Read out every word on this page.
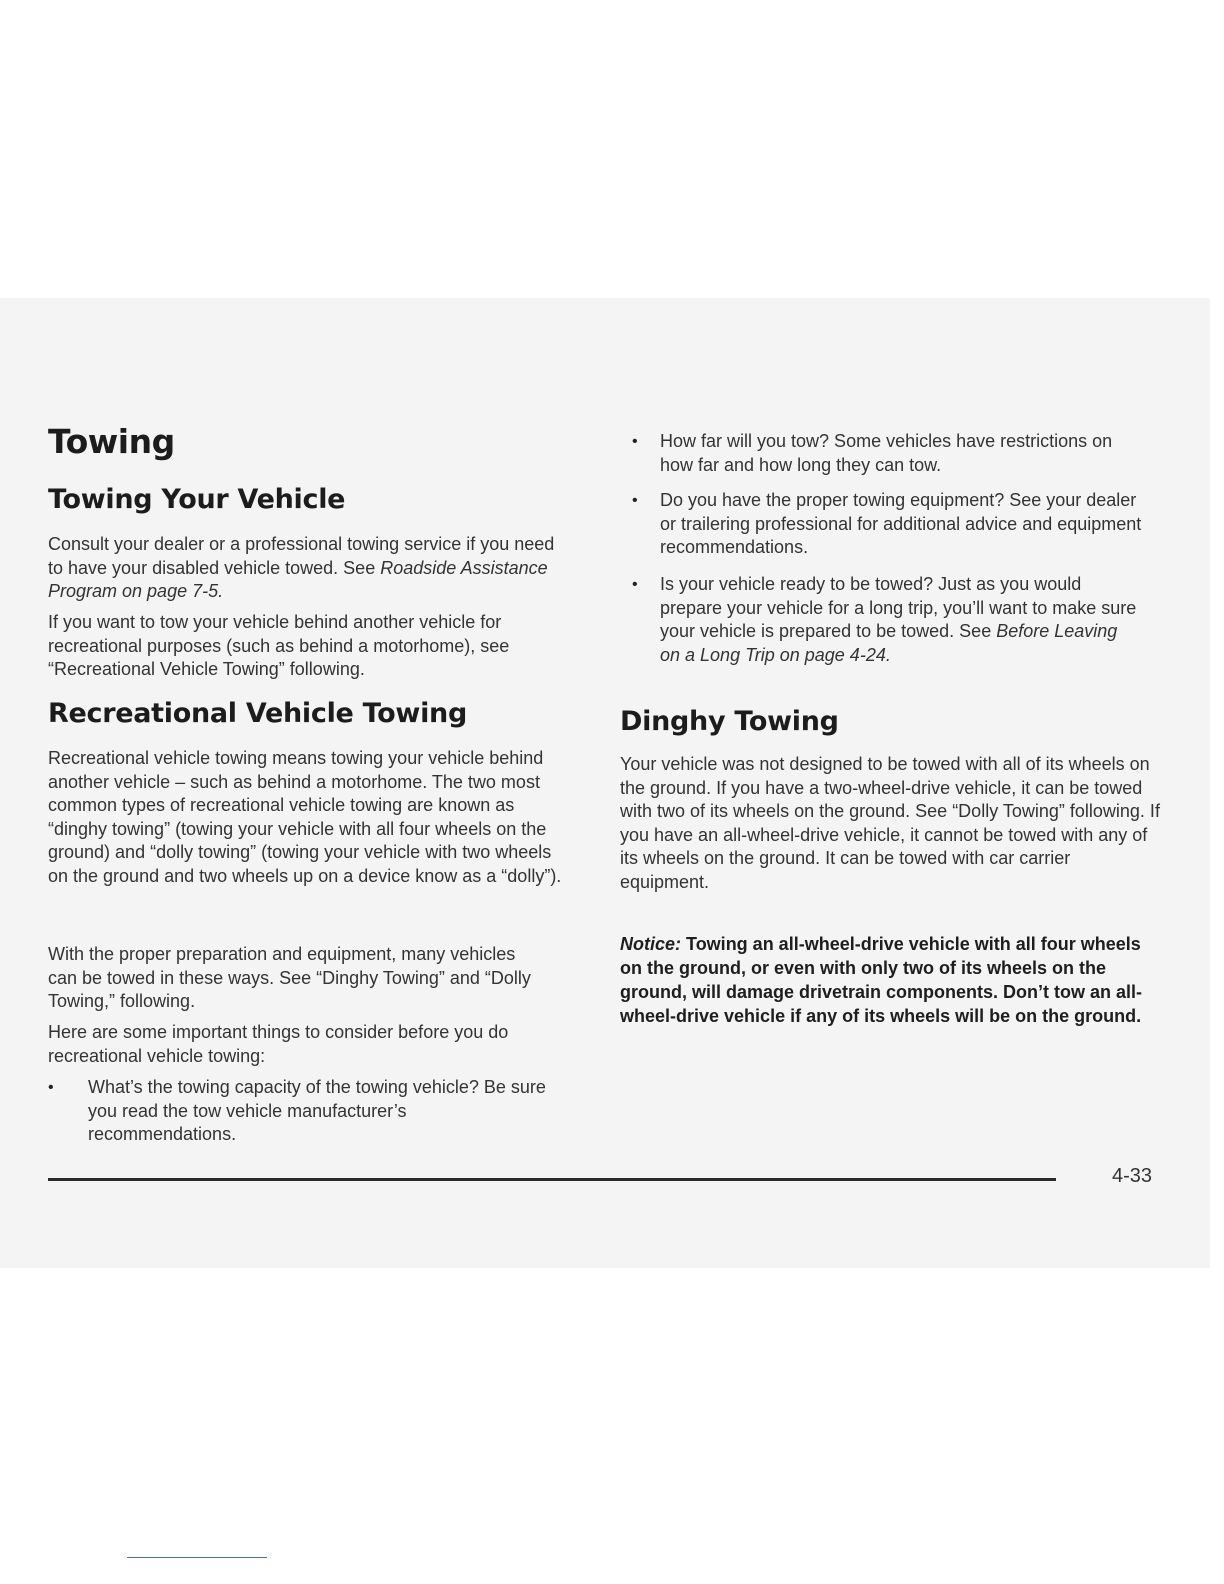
Towing
Towing Your Vehicle

Consult your dealer or a professional towing service if you need to have your disabled vehicle towed. See Roadside Assistance Program on page 7-5.

If you want to tow your vehicle behind another vehicle for recreational purposes (such as behind a motorhome), see “Recreational Vehicle Towing” following.

Recreational Vehicle Towing

Recreational vehicle towing means towing your vehicle behind another vehicle – such as behind a motorhome. The two most common types of recreational vehicle towing are known as “dinghy towing” (towing your vehicle with all four wheels on the ground) and “dolly towing” (towing your vehicle with two wheels on the ground and two wheels up on a device know as a “dolly”).

With the proper preparation and equipment, many vehicles can be towed in these ways. See “Dinghy Towing” and “Dolly Towing,” following.

Here are some important things to consider before you do recreational vehicle towing:

• What’s the towing capacity of the towing vehicle? Be sure you read the tow vehicle manufacturer’s recommendations.
• How far will you tow? Some vehicles have restrictions on how far and how long they can tow.
• Do you have the proper towing equipment? See your dealer or trailering professional for additional advice and equipment recommendations.
• Is your vehicle ready to be towed? Just as you would prepare your vehicle for a long trip, you’ll want to make sure your vehicle is prepared to be towed. See Before Leaving on a Long Trip on page 4-24.
Dinghy Towing

Your vehicle was not designed to be towed with all of its wheels on the ground. If you have a two-wheel-drive vehicle, it can be towed with two of its wheels on the ground. See “Dolly Towing” following. If you have an all-wheel-drive vehicle, it cannot be towed with any of its wheels on the ground. It can be towed with car carrier equipment.

Notice: Towing an all-wheel-drive vehicle with all four wheels on the ground, or even with only two of its wheels on the ground, will damage drivetrain components. Don’t tow an all-wheel-drive vehicle if any of its wheels will be on the ground.
4-33
